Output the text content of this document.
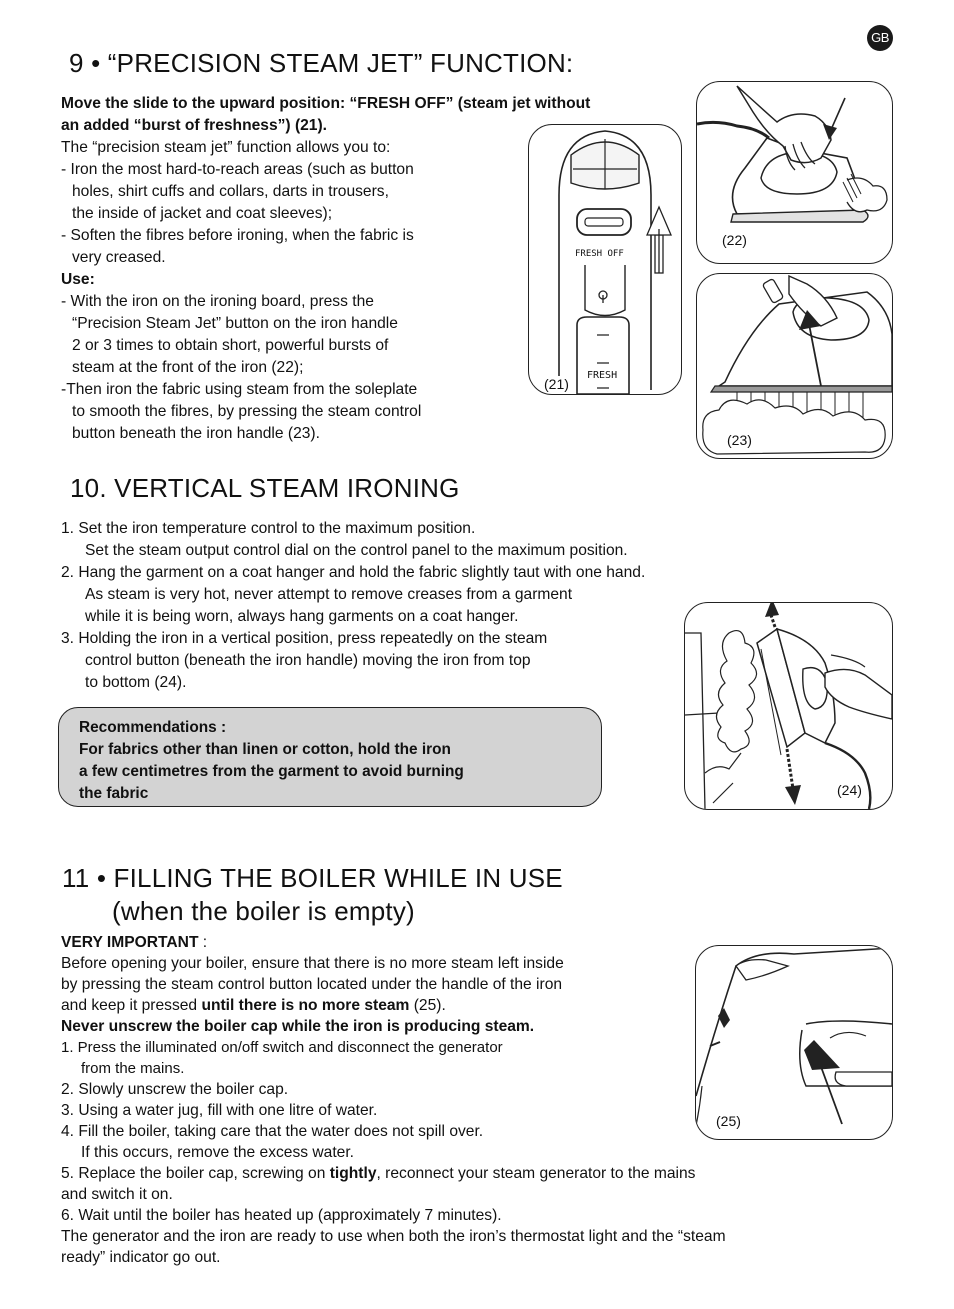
GB
9 • “PRECISION STEAM JET” FUNCTION:

Move the slide to the upward position: “FRESH OFF” (steam jet without

an added “burst of freshness”) (21).

The “precision steam jet” function allows you to:

- Iron the most hard-to-reach areas (such as button

holes, shirt cuffs and collars, darts in trousers,

the inside of jacket and coat sleeves);

- Soften the fibres before ironing, when the fabric is

very creased.

Use:

- With the iron on the ironing board, press the

“Precision Steam Jet” button on the iron handle

2 or 3 times to obtain short, powerful bursts of

steam at the front of the iron (22);

-Then iron the fabric using steam from the soleplate

to smooth the fibres, by pressing the steam control

button beneath the iron handle (23).

FRESH OFF
FRESH
(21)
(22)
(23)
10. VERTICAL STEAM IRONING

1. Set the iron temperature control to the maximum position.

Set the steam output control dial on the control panel to the maximum position.

2. Hang the garment on a coat hanger and hold the fabric slightly taut with one hand.

As steam is very hot, never attempt to remove creases from a garment

while it is being worn, always hang garments on a coat hanger.

3. Holding the iron in a vertical position, press repeatedly on the steam

control button (beneath the iron handle) moving the iron from top

to bottom (24).

Recommendations :

For fabrics other than linen or cotton, hold the iron

a few centimetres from the garment to avoid burning

the fabric	(24)
11 • FILLING THE BOILER WHILE IN USE
(when the boiler is empty)

VERY IMPORTANT :

Before opening your boiler, ensure that there is no more steam left inside

by pressing the steam control button located under the handle of the iron

and keep it pressed until there is no more steam (25).

Never unscrew the boiler cap while the iron is producing steam.

1. Press the illuminated on/off switch and disconnect the generator

from the mains.

2. Slowly unscrew the boiler cap.

3. Using a water jug, fill with one litre of water.

4. Fill the boiler, taking care that the water does not spill over.

If this occurs, remove the excess water.

5. Replace the boiler cap, screwing on tightly, reconnect your steam generator to the mains

and switch it on.

6. Wait until the boiler has heated up (approximately 7 minutes).

The generator and the iron are ready to use when both the iron’s thermostat light and the “steam

ready” indicator go out.

(25)
